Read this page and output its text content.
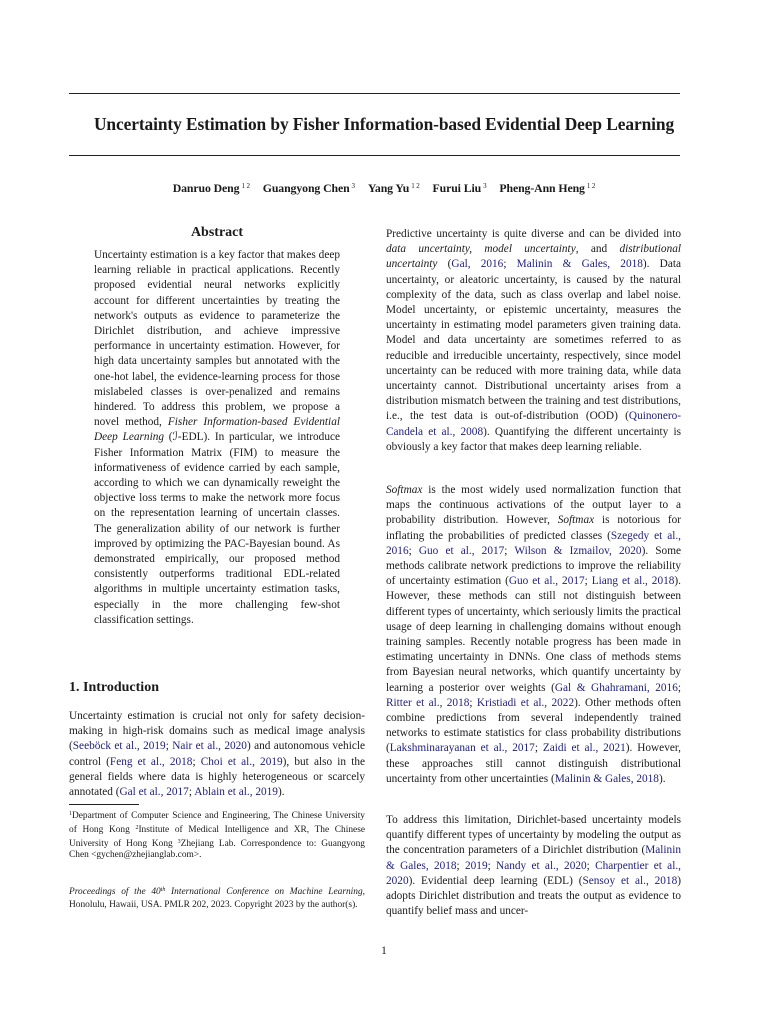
Uncertainty Estimation by Fisher Information-based Evidential Deep Learning
Danruo Deng $^{1 2}$ Guangyong Chen $^3$ Yang Yu $^{1 2}$ Furui Liu $^3$ Pheng-Ann Heng $^{1 2}$
Abstract
Uncertainty estimation is a key factor that makes deep learning reliable in practical applications. Recently proposed evidential neural networks explicitly account for different uncertainties by treating the network's outputs as evidence to parameterize the Dirichlet distribution, and achieve impressive performance in uncertainty estimation. However, for high data uncertainty samples but annotated with the one-hot label, the evidence-learning process for those mislabeled classes is over-penalized and remains hindered. To address this problem, we propose a novel method, Fisher Information-based Evidential Deep Learning (ℐ-EDL). In particular, we introduce Fisher Information Matrix (FIM) to measure the informativeness of evidence carried by each sample, according to which we can dynamically reweight the objective loss terms to make the network more focus on the representation learning of uncertain classes. The generalization ability of our network is further improved by optimizing the PAC-Bayesian bound. As demonstrated empirically, our proposed method consistently outperforms traditional EDL-related algorithms in multiple uncertainty estimation tasks, especially in the more challenging few-shot classification settings.
1. Introduction
Uncertainty estimation is crucial not only for safety decision-making in high-risk domains such as medical image analysis (Seeböck et al., 2019; Nair et al., 2020) and autonomous vehicle control (Feng et al., 2018; Choi et al., 2019), but also in the general fields where data is highly heterogeneous or scarcely annotated (Gal et al., 2017; Ablain et al., 2019).
$^1$Department of Computer Science and Engineering, The Chinese University of Hong Kong $^2$Institute of Medical Intelligence and XR, The Chinese University of Hong Kong $^3$Zhejiang Lab. Correspondence to: Guangyong Chen <gychen@zhejianglab.com>.
Proceedings of the 40th International Conference on Machine Learning, Honolulu, Hawaii, USA. PMLR 202, 2023. Copyright 2023 by the author(s).
Predictive uncertainty is quite diverse and can be divided into data uncertainty, model uncertainty, and distributional uncertainty (Gal, 2016; Malinin & Gales, 2018). Data uncertainty, or aleatoric uncertainty, is caused by the natural complexity of the data, such as class overlap and label noise. Model uncertainty, or epistemic uncertainty, measures the uncertainty in estimating model parameters given training data. Model and data uncertainty are sometimes referred to as reducible and irreducible uncertainty, respectively, since model uncertainty can be reduced with more training data, while data uncertainty cannot. Distributional uncertainty arises from a distribution mismatch between the training and test distributions, i.e., the test data is out-of-distribution (OOD) (Quinonero-Candela et al., 2008). Quantifying the different uncertainty is obviously a key factor that makes deep learning reliable.
Softmax is the most widely used normalization function that maps the continuous activations of the output layer to a probability distribution. However, Softmax is notorious for inflating the probabilities of predicted classes (Szegedy et al., 2016; Guo et al., 2017; Wilson & Izmailov, 2020). Some methods calibrate network predictions to improve the reliability of uncertainty estimation (Guo et al., 2017; Liang et al., 2018). However, these methods can still not distinguish between different types of uncertainty, which seriously limits the practical usage of deep learning in challenging domains without enough training samples. Recently notable progress has been made in estimating uncertainty in DNNs. One class of methods stems from Bayesian neural networks, which quantify uncertainty by learning a posterior over weights (Gal & Ghahramani, 2016; Ritter et al., 2018; Kristiadi et al., 2022). Other methods often combine predictions from several independently trained networks to estimate statistics for class probability distributions (Lakshminarayanan et al., 2017; Zaidi et al., 2021). However, these approaches still cannot distinguish distributional uncertainty from other uncertainties (Malinin & Gales, 2018).
To address this limitation, Dirichlet-based uncertainty models quantify different types of uncertainty by modeling the output as the concentration parameters of a Dirichlet distribution (Malinin & Gales, 2018; 2019; Nandy et al., 2020; Charpentier et al., 2020). Evidential deep learning (EDL) (Sensoy et al., 2018) adopts Dirichlet distribution and treats the output as evidence to quantify belief mass and uncer-
1
